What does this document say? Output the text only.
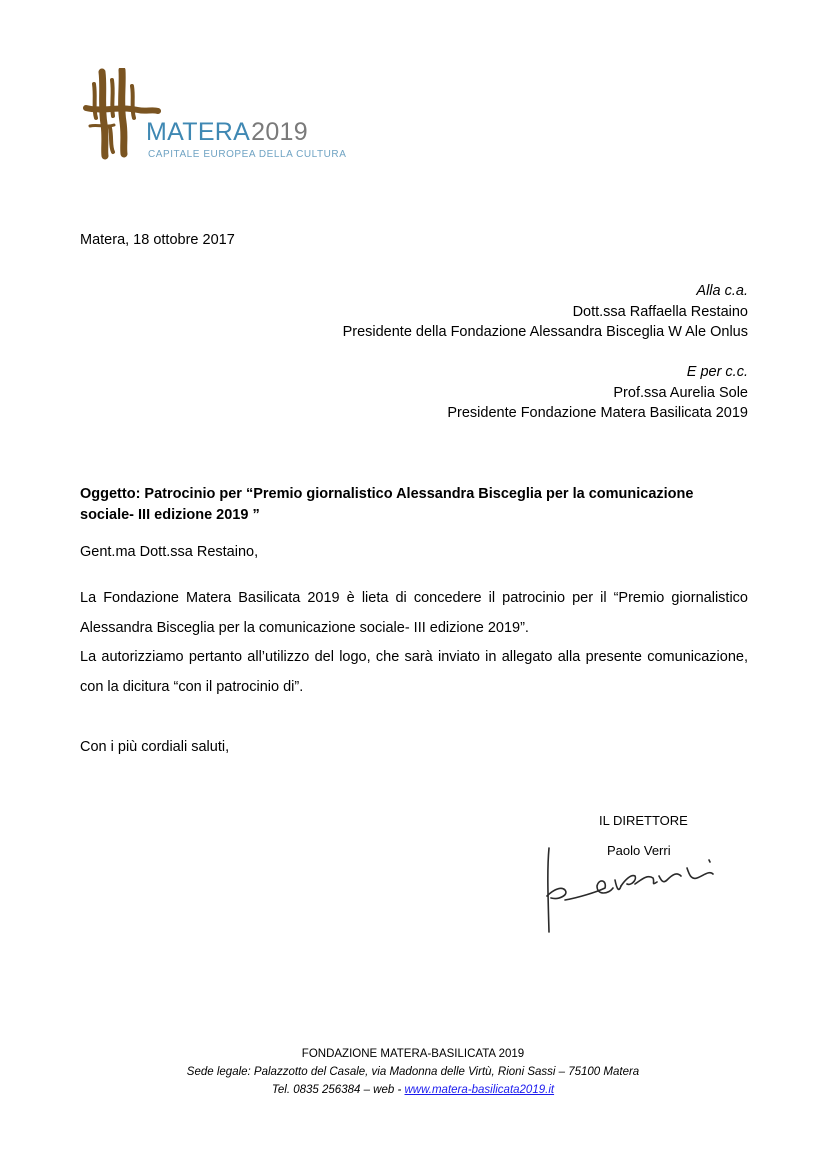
MATERA2019
CAPITALE EUROPEA DELLA CULTURA
Matera, 18 ottobre 2017
Alla c.a.
Dott.ssa Raffaella Restaino
Presidente della Fondazione Alessandra Bisceglia W Ale Onlus
E per c.c.
Prof.ssa Aurelia Sole
Presidente Fondazione Matera Basilicata 2019
Oggetto: Patrocinio per “Premio giornalistico Alessandra Bisceglia per la comunicazione sociale- III edizione 2019 ”
Gent.ma Dott.ssa Restaino,

La Fondazione Matera Basilicata 2019 è lieta di concedere il patrocinio per il “Premio giornalistico Alessandra Bisceglia per la comunicazione sociale- III edizione 2019”.

La autorizziamo pertanto all’utilizzo del logo, che sarà inviato in allegato alla presente comunicazione, con la dicitura “con il patrocinio di”.

Con i più cordiali saluti,
IL DIRETTORE
Paolo Verri
FONDAZIONE MATERA-BASILICATA 2019
Sede legale: Palazzotto del Casale, via Madonna delle Virtù, Rioni Sassi – 75100 Matera
Tel. 0835 256384 – web - www.matera-basilicata2019.it
